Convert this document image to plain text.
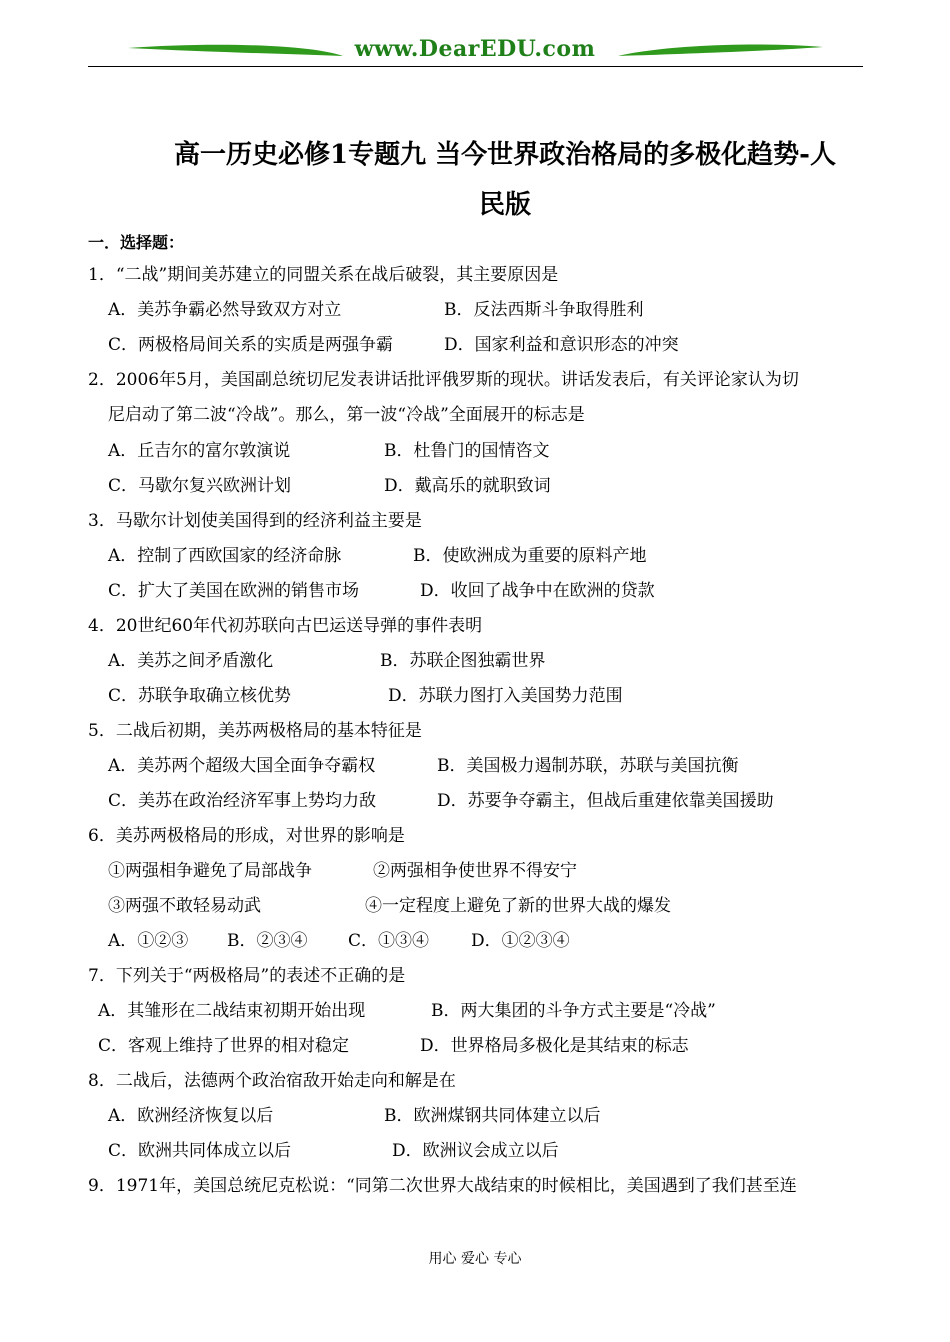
www.DearEDU.com
高一历史必修1专题九 当今世界政治格局的多极化趋势-人
民版
一．选择题：
1．“二战”期间美苏建立的同盟关系在战后破裂，其主要原因是
A．美苏争霸必然导致双方对立	B．反法西斯斗争取得胜利
C．两极格局间关系的实质是两强争霸	D．国家利益和意识形态的冲突
2．2006年5月，美国副总统切尼发表讲话批评俄罗斯的现状。讲话发表后，有关评论家认为切
尼启动了第二波“冷战”。那么，第一波“冷战”全面展开的标志是
A．丘吉尔的富尔敦演说	B．杜鲁门的国情咨文
C．马歇尔复兴欧洲计划	D．戴高乐的就职致词
3．马歇尔计划使美国得到的经济利益主要是
A．控制了西欧国家的经济命脉	B．使欧洲成为重要的原料产地
C．扩大了美国在欧洲的销售市场	D．收回了战争中在欧洲的贷款
4．20世纪60年代初苏联向古巴运送导弹的事件表明
A．美苏之间矛盾激化	B．苏联企图独霸世界
C．苏联争取确立核优势	D．苏联力图打入美国势力范围
5．二战后初期，美苏两极格局的基本特征是
A．美苏两个超级大国全面争夺霸权	B．美国极力遏制苏联，苏联与美国抗衡
C．美苏在政治经济军事上势均力敌	D．苏要争夺霸主，但战后重建依靠美国援助
6．美苏两极格局的形成，对世界的影响是
①两强相争避免了局部战争	②两强相争使世界不得安宁
③两强不敢轻易动武	④一定程度上避免了新的世界大战的爆发
A．①②③ B．②③④ C．①③④ D．①②③④
7．下列关于“两极格局”的表述不正确的是
A．其雏形在二战结束初期开始出现	B．两大集团的斗争方式主要是“冷战”
C．客观上维持了世界的相对稳定	D．世界格局多极化是其结束的标志
8．二战后，法德两个政治宿敌开始走向和解是在
A．欧洲经济恢复以后	B．欧洲煤钢共同体建立以后
C．欧洲共同体成立以后	D．欧洲议会成立以后
9．1971年，美国总统尼克松说：“同第二次世界大战结束的时候相比，美国遇到了我们甚至连
用心 爱心 专心
